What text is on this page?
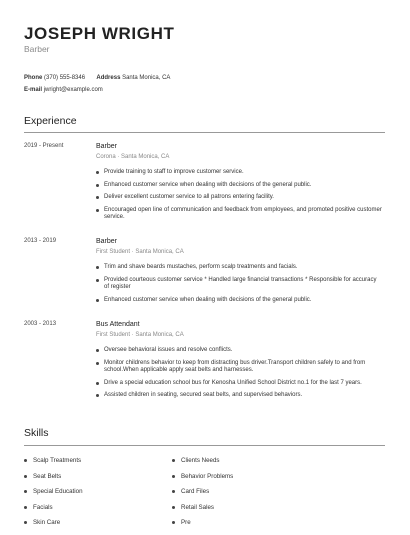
JOSEPH WRIGHT
Barber
Phone (370) 555-8346 Address Santa Monica, CA
E-mail jwright@example.com
Experience
2019 - Present	Barber
Corona · Santa Monica, CA
Provide training to staff to improve customer service.
Enhanced customer service when dealing with decisions of the general public.
Deliver excellent customer service to all patrons entering facility.
Encouraged open line of communication and feedback from employees, and promoted positive customer service.
2013 - 2019	Barber
First Student · Santa Monica, CA
Trim and shave beards mustaches, perform scalp treatments and facials.
Provided courteous customer service * Handled large financial transactions * Responsible for accuracy of register
Enhanced customer service when dealing with decisions of the general public.
2003 - 2013	Bus Attendant
First Student · Santa Monica, CA
Oversee behavioral issues and resolve conflicts.
Monitor childrens behavior to keep from distracting bus driver.Transport children safely to and from school.When applicable apply seat belts and harnesses.
Drive a special education school bus for Kenosha Unified School District no.1 for the last 7 years.
Assisted children in seating, secured seat belts, and supervised behaviors.
Skills
Scalp Treatments
Seat Belts
Special Education
Facials
Skin Care
Clients Needs
Behavior Problems
Card Files
Retail Sales
Pre
